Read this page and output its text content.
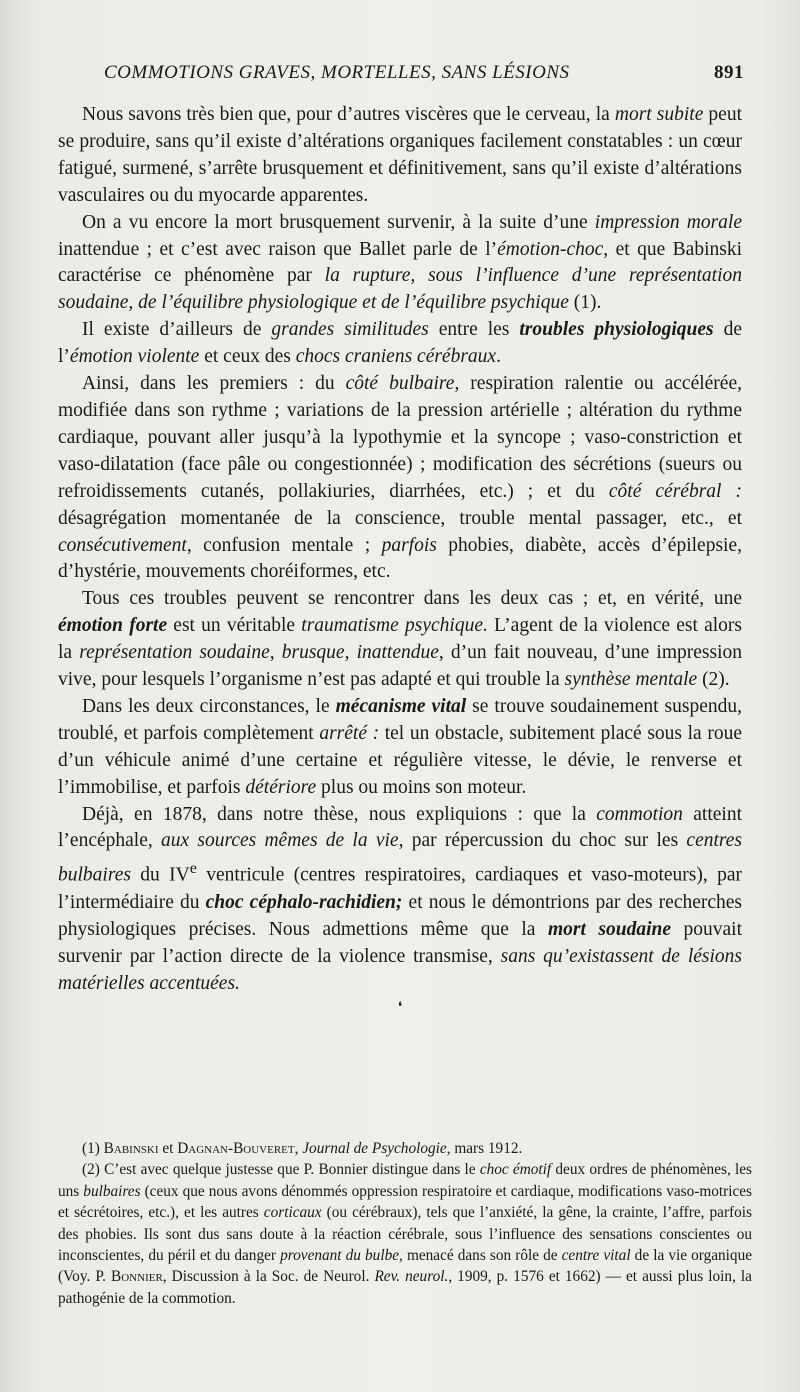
COMMOTIONS GRAVES, MORTELLES, SANS LÉSIONS	891

Nous savons très bien que, pour d’autres viscères que le cerveau, la mort subite peut se produire, sans qu’il existe d’altérations organiques facilement constatables : un cœur fatigué, surmené, s’arrête brusquement et définitivement, sans qu’il existe d’altérations vasculaires ou du myocarde apparentes.

On a vu encore la mort brusquement survenir, à la suite d’une impression morale inattendue ; et c’est avec raison que Ballet parle de l’émotion-choc, et que Babinski caractérise ce phénomène par la rupture, sous l’influence d’une représentation soudaine, de l’équilibre physiologique et de l’équilibre psychique (1).

Il existe d’ailleurs de grandes similitudes entre les troubles physiologiques de l’émotion violente et ceux des chocs craniens cérébraux.

Ainsi, dans les premiers : du côté bulbaire, respiration ralentie ou accélérée, modifiée dans son rythme ; variations de la pression artérielle ; altération du rythme cardiaque, pouvant aller jusqu’à la lypothymie et la syncope ; vaso-constriction et vaso-dilatation (face pâle ou congestionnée) ; modification des sécrétions (sueurs ou refroidissements cutanés, pollakiuries, diarrhées, etc.) ; et du côté cérébral : désagrégation momentanée de la conscience, trouble mental passager, etc., et consécutivement, confusion mentale ; parfois phobies, diabète, accès d’épilepsie, d’hystérie, mouvements choréiformes, etc.

Tous ces troubles peuvent se rencontrer dans les deux cas ; et, en vérité, une émotion forte est un véritable traumatisme psychique. L’agent de la violence est alors la représentation soudaine, brusque, inattendue, d’un fait nouveau, d’une impression vive, pour lesquels l’organisme n’est pas adapté et qui trouble la synthèse mentale (2).

Dans les deux circonstances, le mécanisme vital se trouve soudainement suspendu, troublé, et parfois complètement arrêté : tel un obstacle, subitement placé sous la roue d’un véhicule animé d’une certaine et régulière vitesse, le dévie, le renverse et l’immobilise, et parfois détériore plus ou moins son moteur.

Déjà, en 1878, dans notre thèse, nous expliquions : que la commotion atteint l’encéphale, aux sources mêmes de la vie, par répercussion du choc sur les centres bulbaires du IVe ventricule (centres respiratoires, cardiaques et vaso-moteurs), par l’intermédiaire du choc céphalo-rachidien; et nous le démontrions par des recherches physiologiques précises. Nous admettions même que la mort soudaine pouvait survenir par l’action directe de la violence transmise, sans qu’existassent de lésions matérielles accentuées.

❛

(1) Babinski et Dagnan-Bouveret, Journal de Psychologie, mars 1912.

(2) C’est avec quelque justesse que P. Bonnier distingue dans le choc émotif deux ordres de phénomènes, les uns bulbaires (ceux que nous avons dénommés oppression respiratoire et cardiaque, modifications vaso-motrices et sécrétoires, etc.), et les autres corticaux (ou cérébraux), tels que l’anxiété, la gêne, la crainte, l’affre, parfois des phobies. Ils sont dus sans doute à la réaction cérébrale, sous l’influence des sensations conscientes ou inconscientes, du péril et du danger provenant du bulbe, menacé dans son rôle de centre vital de la vie organique (Voy. P. Bonnier, Discussion à la Soc. de Neurol. Rev. neurol., 1909, p. 1576 et 1662) — et aussi plus loin, la pathogénie de la commotion.
